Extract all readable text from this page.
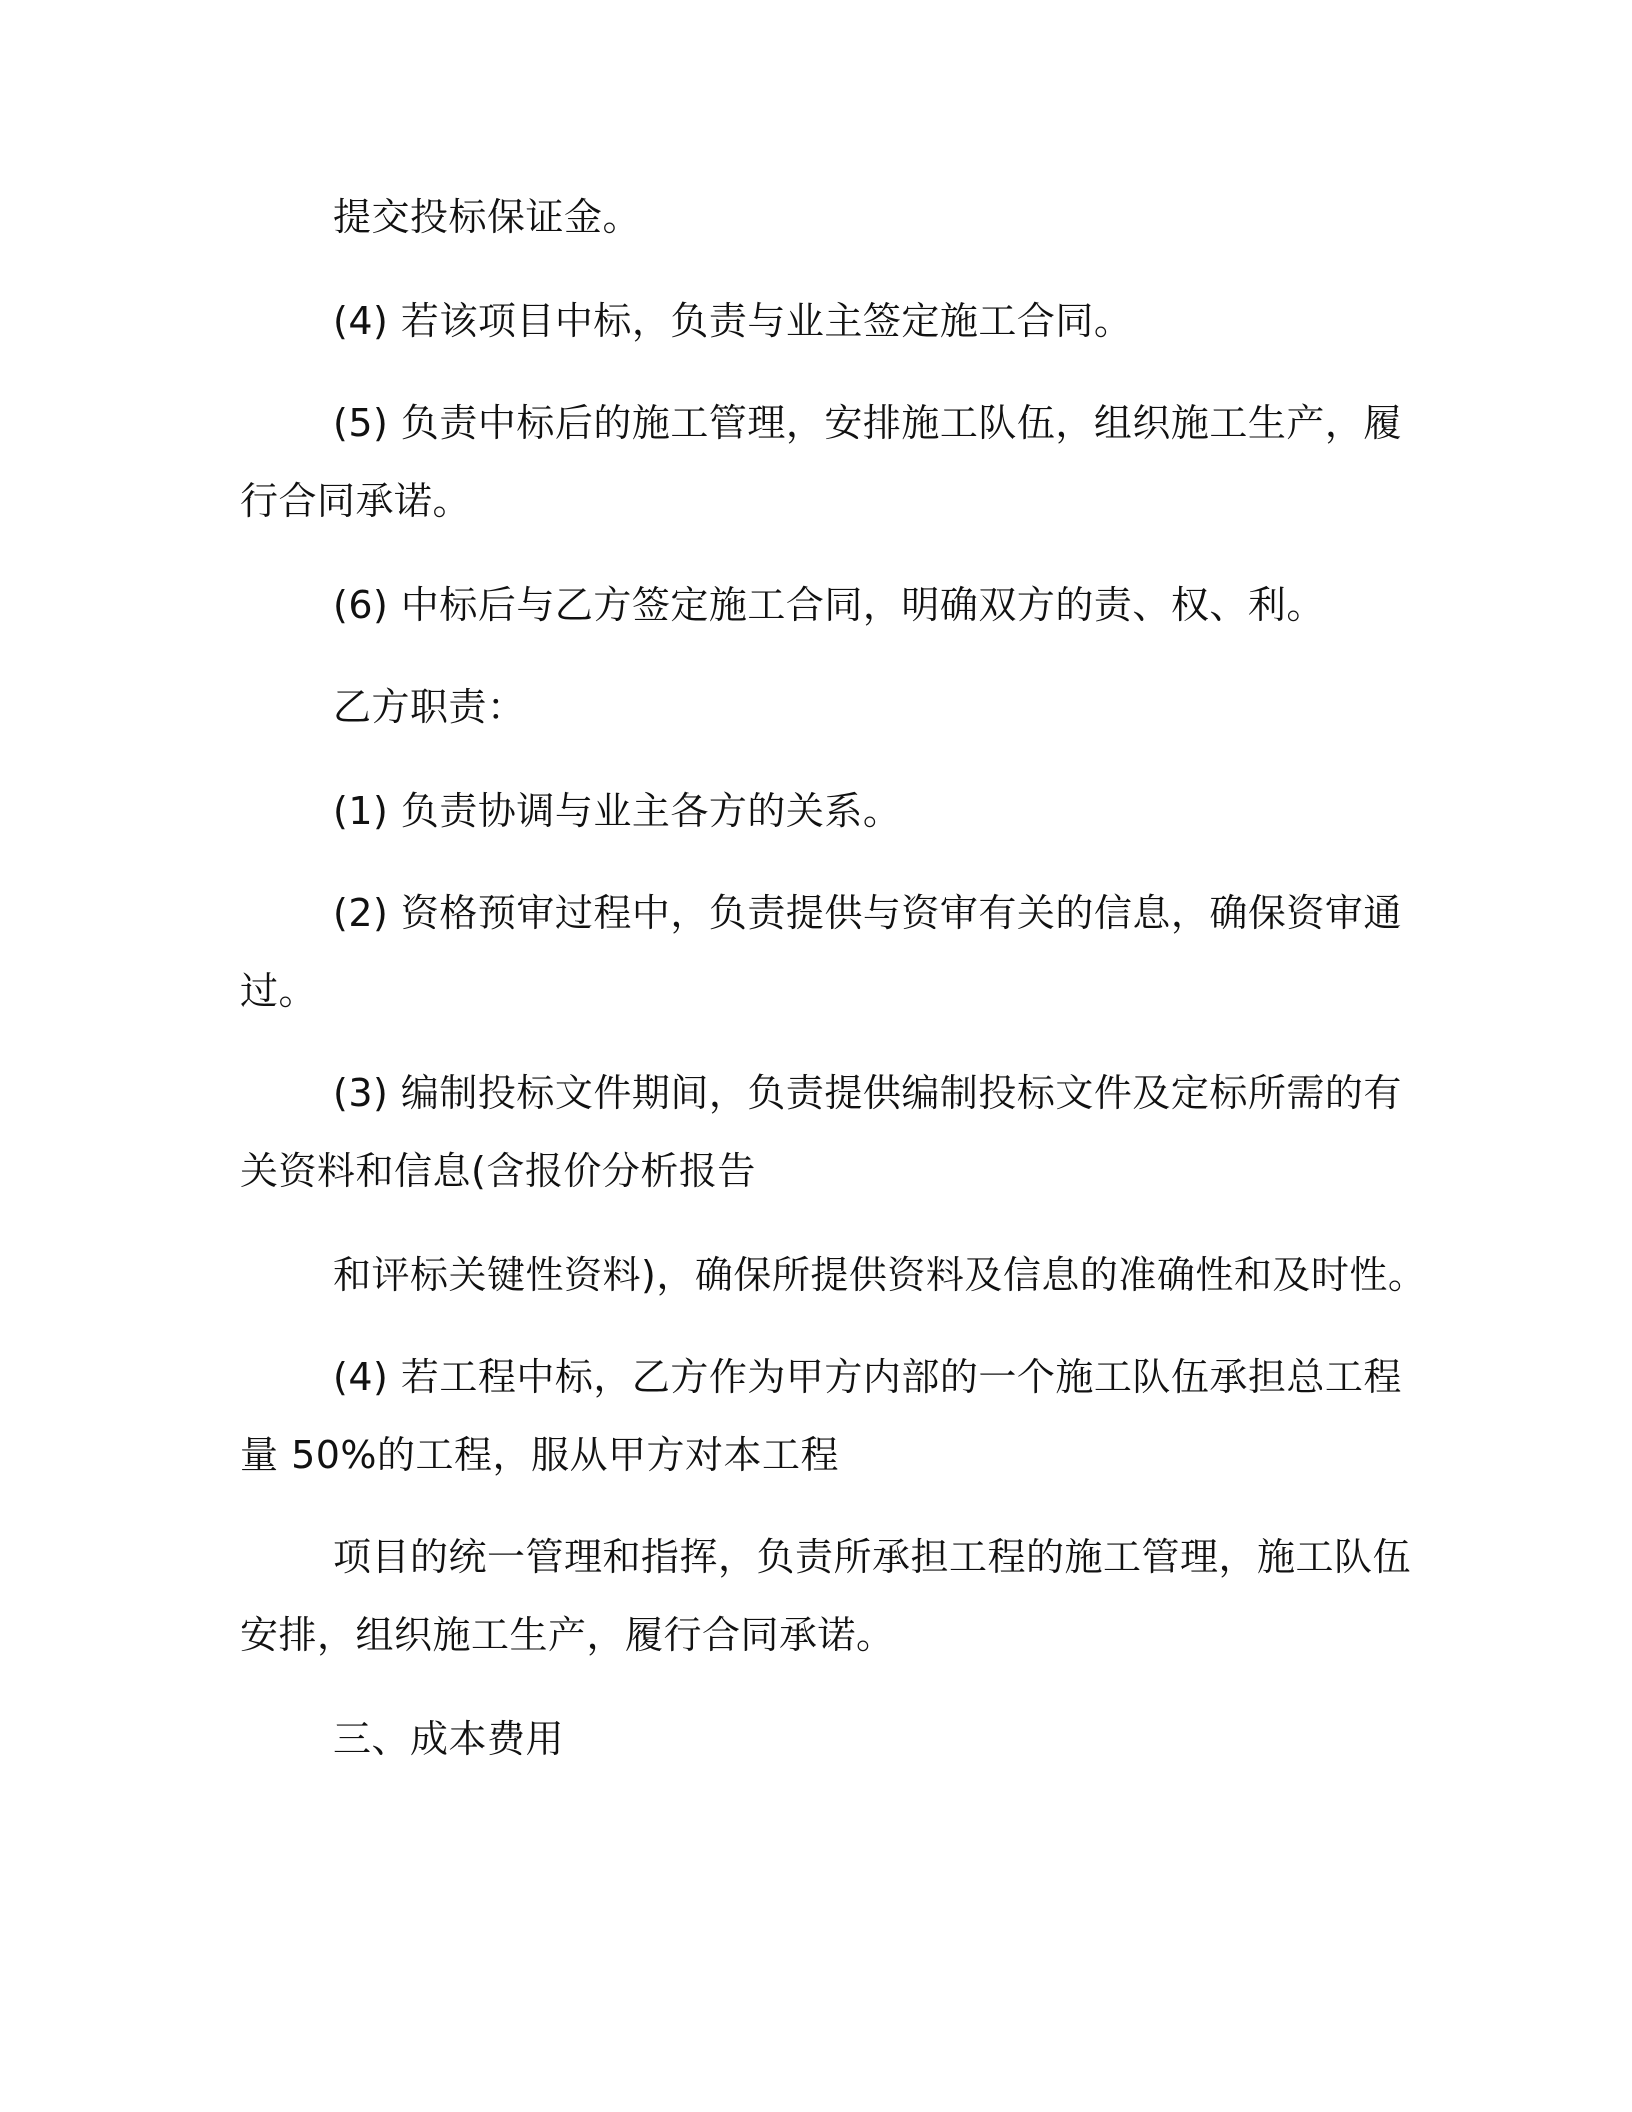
提交投标保证金。
(4) 若该项目中标，负责与业主签定施工合同。
(5) 负责中标后的施工管理，安排施工队伍，组织施工生产，履
行合同承诺。
(6) 中标后与乙方签定施工合同，明确双方的责、权、利。
乙方职责：
(1) 负责协调与业主各方的关系。
(2) 资格预审过程中，负责提供与资审有关的信息，确保资审通
过。
(3) 编制投标文件期间，负责提供编制投标文件及定标所需的有
关资料和信息(含报价分析报告
和评标关键性资料)，确保所提供资料及信息的准确性和及时性。
(4) 若工程中标，乙方作为甲方内部的一个施工队伍承担总工程
量 50%的工程，服从甲方对本工程
项目的统一管理和指挥，负责所承担工程的施工管理，施工队伍
安排，组织施工生产，履行合同承诺。
三、成本费用
